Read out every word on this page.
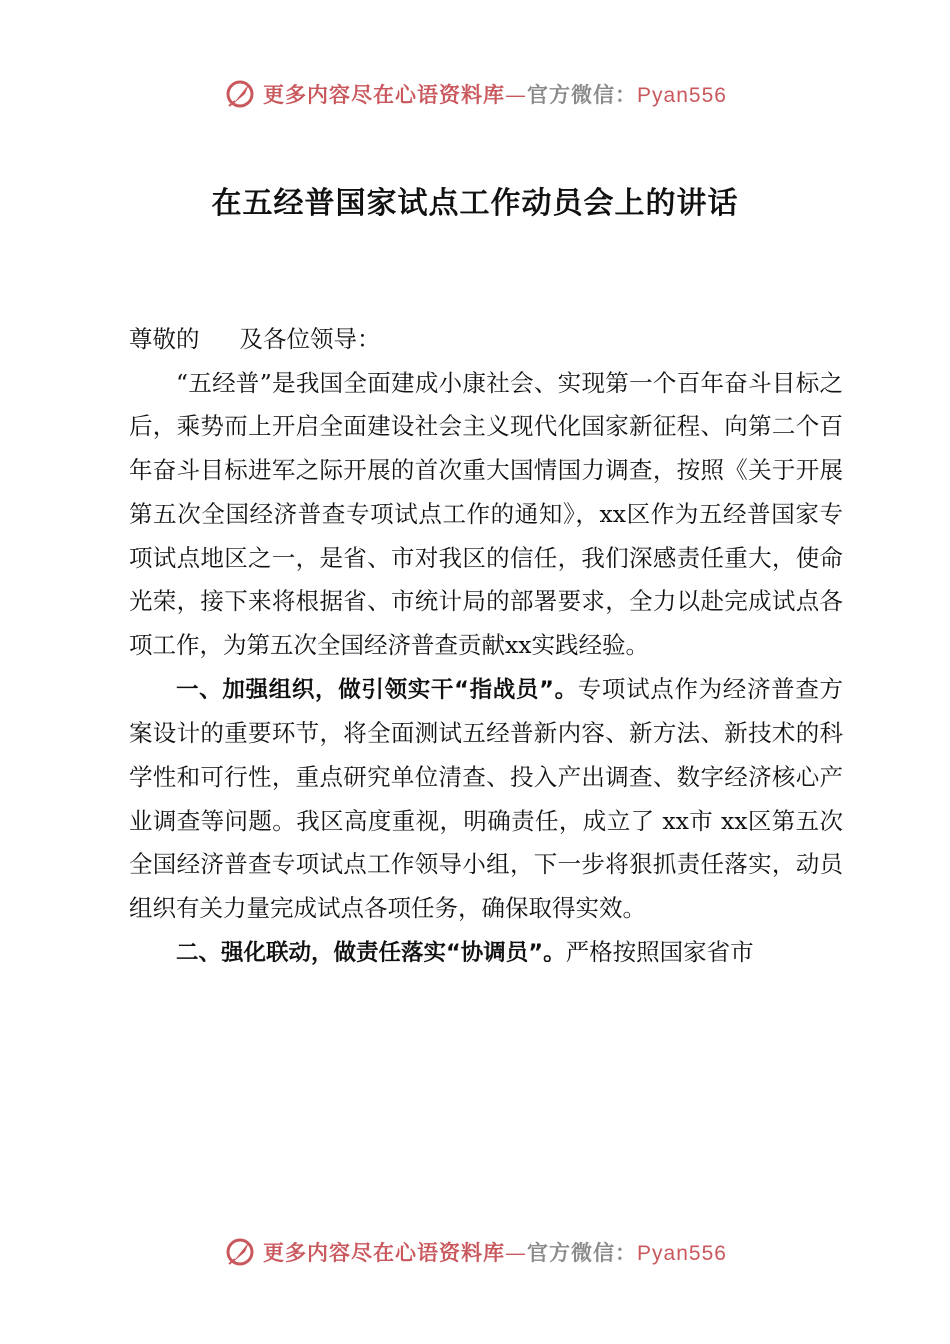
更多内容尽在心语资料库—官方微信：Pyan556
在五经普国家试点工作动员会上的讲话

尊敬的 及各位领导：

“五经普”是我国全面建成小康社会、实现第一个百年奋斗目标之后，乘势而上开启全面建设社会主义现代化国家新征程、向第二个百年奋斗目标进军之际开展的首次重大国情国力调查，按照《关于开展第五次全国经济普查专项试点工作的通知》，xx区作为五经普国家专项试点地区之一，是省、市对我区的信任，我们深感责任重大，使命光荣，接下来将根据省、市统计局的部署要求，全力以赴完成试点各项工作，为第五次全国经济普查贡献xx实践经验。

一、加强组织，做引领实干“指战员”。专项试点作为经济普查方案设计的重要环节，将全面测试五经普新内容、新方法、新技术的科学性和可行性，重点研究单位清查、投入产出调查、数字经济核心产业调查等问题。我区高度重视，明确责任，成立了 xx市 xx区第五次全国经济普查专项试点工作领导小组，下一步将狠抓责任落实，动员组织有关力量完成试点各项任务，确保取得实效。

二、强化联动，做责任落实“协调员”。严格按照国家省市

更多内容尽在心语资料库—官方微信：Pyan556
